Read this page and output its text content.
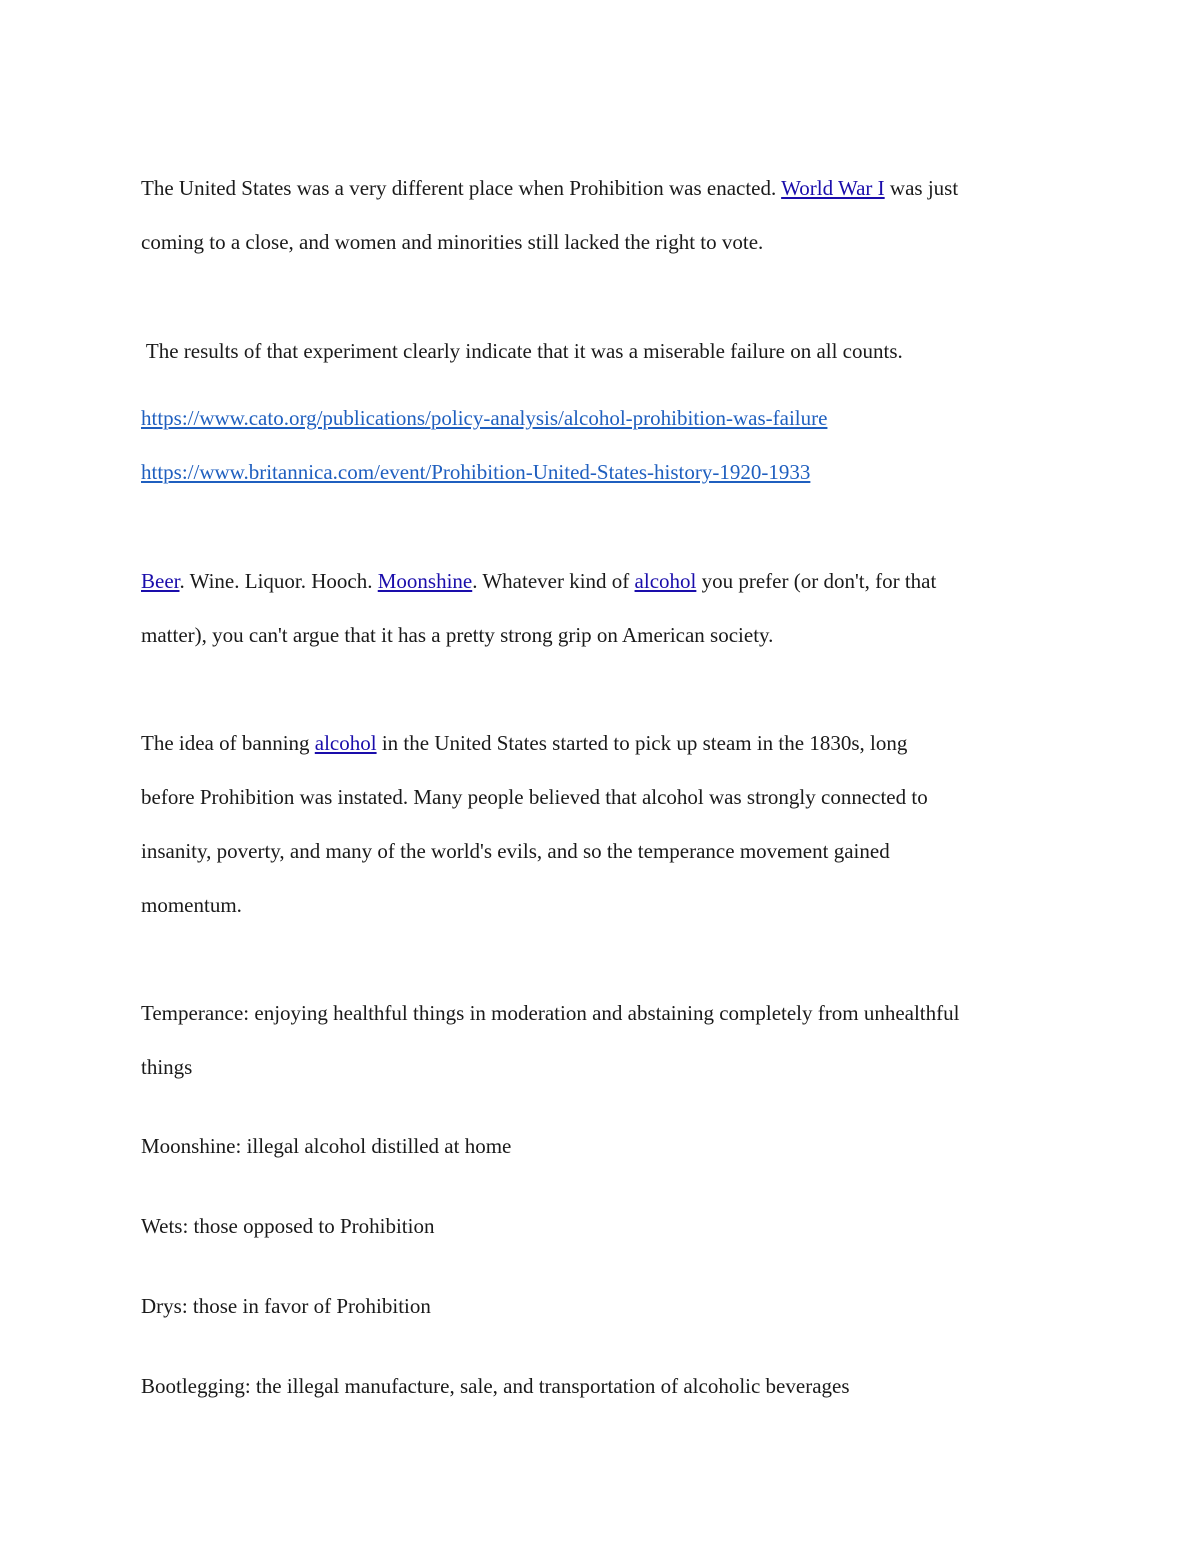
The United States was a very different place when Prohibition was enacted. World War I was just
coming to a close, and women and minorities still lacked the right to vote.
The results of that experiment clearly indicate that it was a miserable failure on all counts.
https://www.cato.org/publications/policy-analysis/alcohol-prohibition-was-failure
https://www.britannica.com/event/Prohibition-United-States-history-1920-1933
Beer. Wine. Liquor. Hooch. Moonshine. Whatever kind of alcohol you prefer (or don't, for that
matter), you can't argue that it has a pretty strong grip on American society.
The idea of banning alcohol in the United States started to pick up steam in the 1830s, long
before Prohibition was instated. Many people believed that alcohol was strongly connected to
insanity, poverty, and many of the world's evils, and so the temperance movement gained
momentum.
Temperance: enjoying healthful things in moderation and abstaining completely from unhealthful
things
Moonshine: illegal alcohol distilled at home
Wets: those opposed to Prohibition
Drys: those in favor of Prohibition
Bootlegging: the illegal manufacture, sale, and transportation of alcoholic beverages
